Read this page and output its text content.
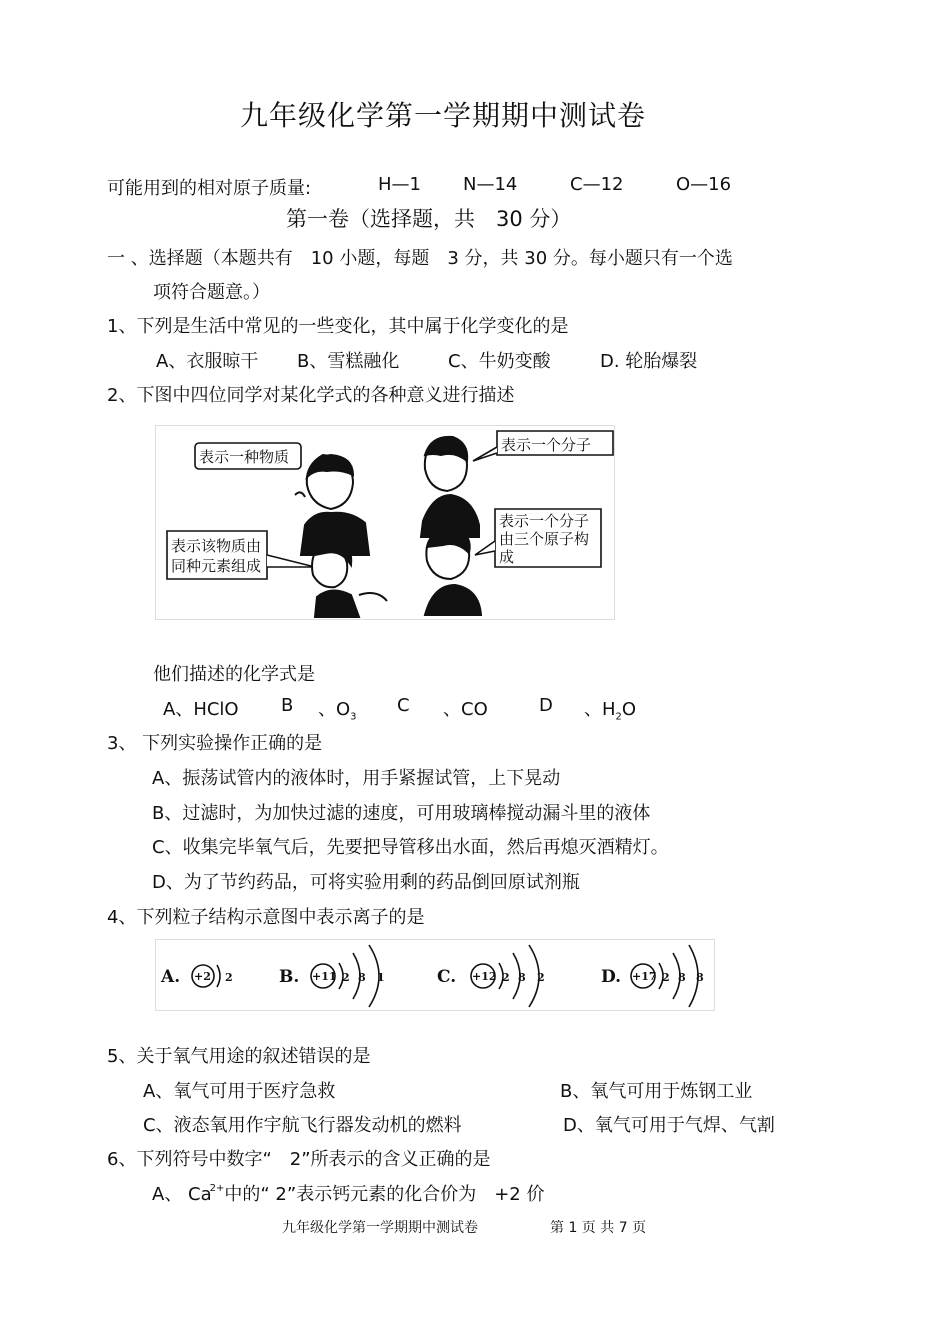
九年级化学第一学期期中测试卷
可能用到的相对原子质量:	H—1 N—14	C—12	O—16
第一卷（选择题，共　30 分）
一 、选择题（本题共有　10 小题，每题　3 分，共 30 分。每小题只有一个选
项符合题意。）
1、下列是生活中常见的一些变化，其中属于化学变化的是
A、衣服晾干 B、雪糕融化	C、牛奶变酸	D. 轮胎爆裂
2、下图中四位同学对某化学式的各种意义进行描述
表示一种物质
表示一个分子
表示该物质由
同种元素组成
表示一个分子
由三个原子构
成
他们描述的化学式是
A、HClO B 、$O_3$
C 、CO	D 、$H_2O$
3、 下列实验操作正确的是
A、振荡试管内的液体时，用手紧握试管，上下晃动
B、过滤时，为加快过滤的速度，可用玻璃棒搅动漏斗里的液体
C、收集完毕氧气后，先要把导管移出水面，然后再熄灭酒精灯。
D、为了节约药品，可将实验用剩的药品倒回原试剂瓶
4、下列粒子结构示意图中表示离子的是
A. +2 2	B. +11 2 8 1	C. +12 2 8 2	D. +17 2 8 8
5、关于氧气用途的叙述错误的是
A、氧气可用于医疗急救	B、氧气可用于炼钢工业
C、液态氧用作宇航飞行器发动机的燃料	D、氧气可用于气焊、气割
6、下列符号中数字“　2”所表示的含义正确的是
A、 $Ca^{2+}$中的“ 2”表示钙元素的化合价为　+2 价
九年级化学第一学期期中测试卷	第 1 页 共 7 页
